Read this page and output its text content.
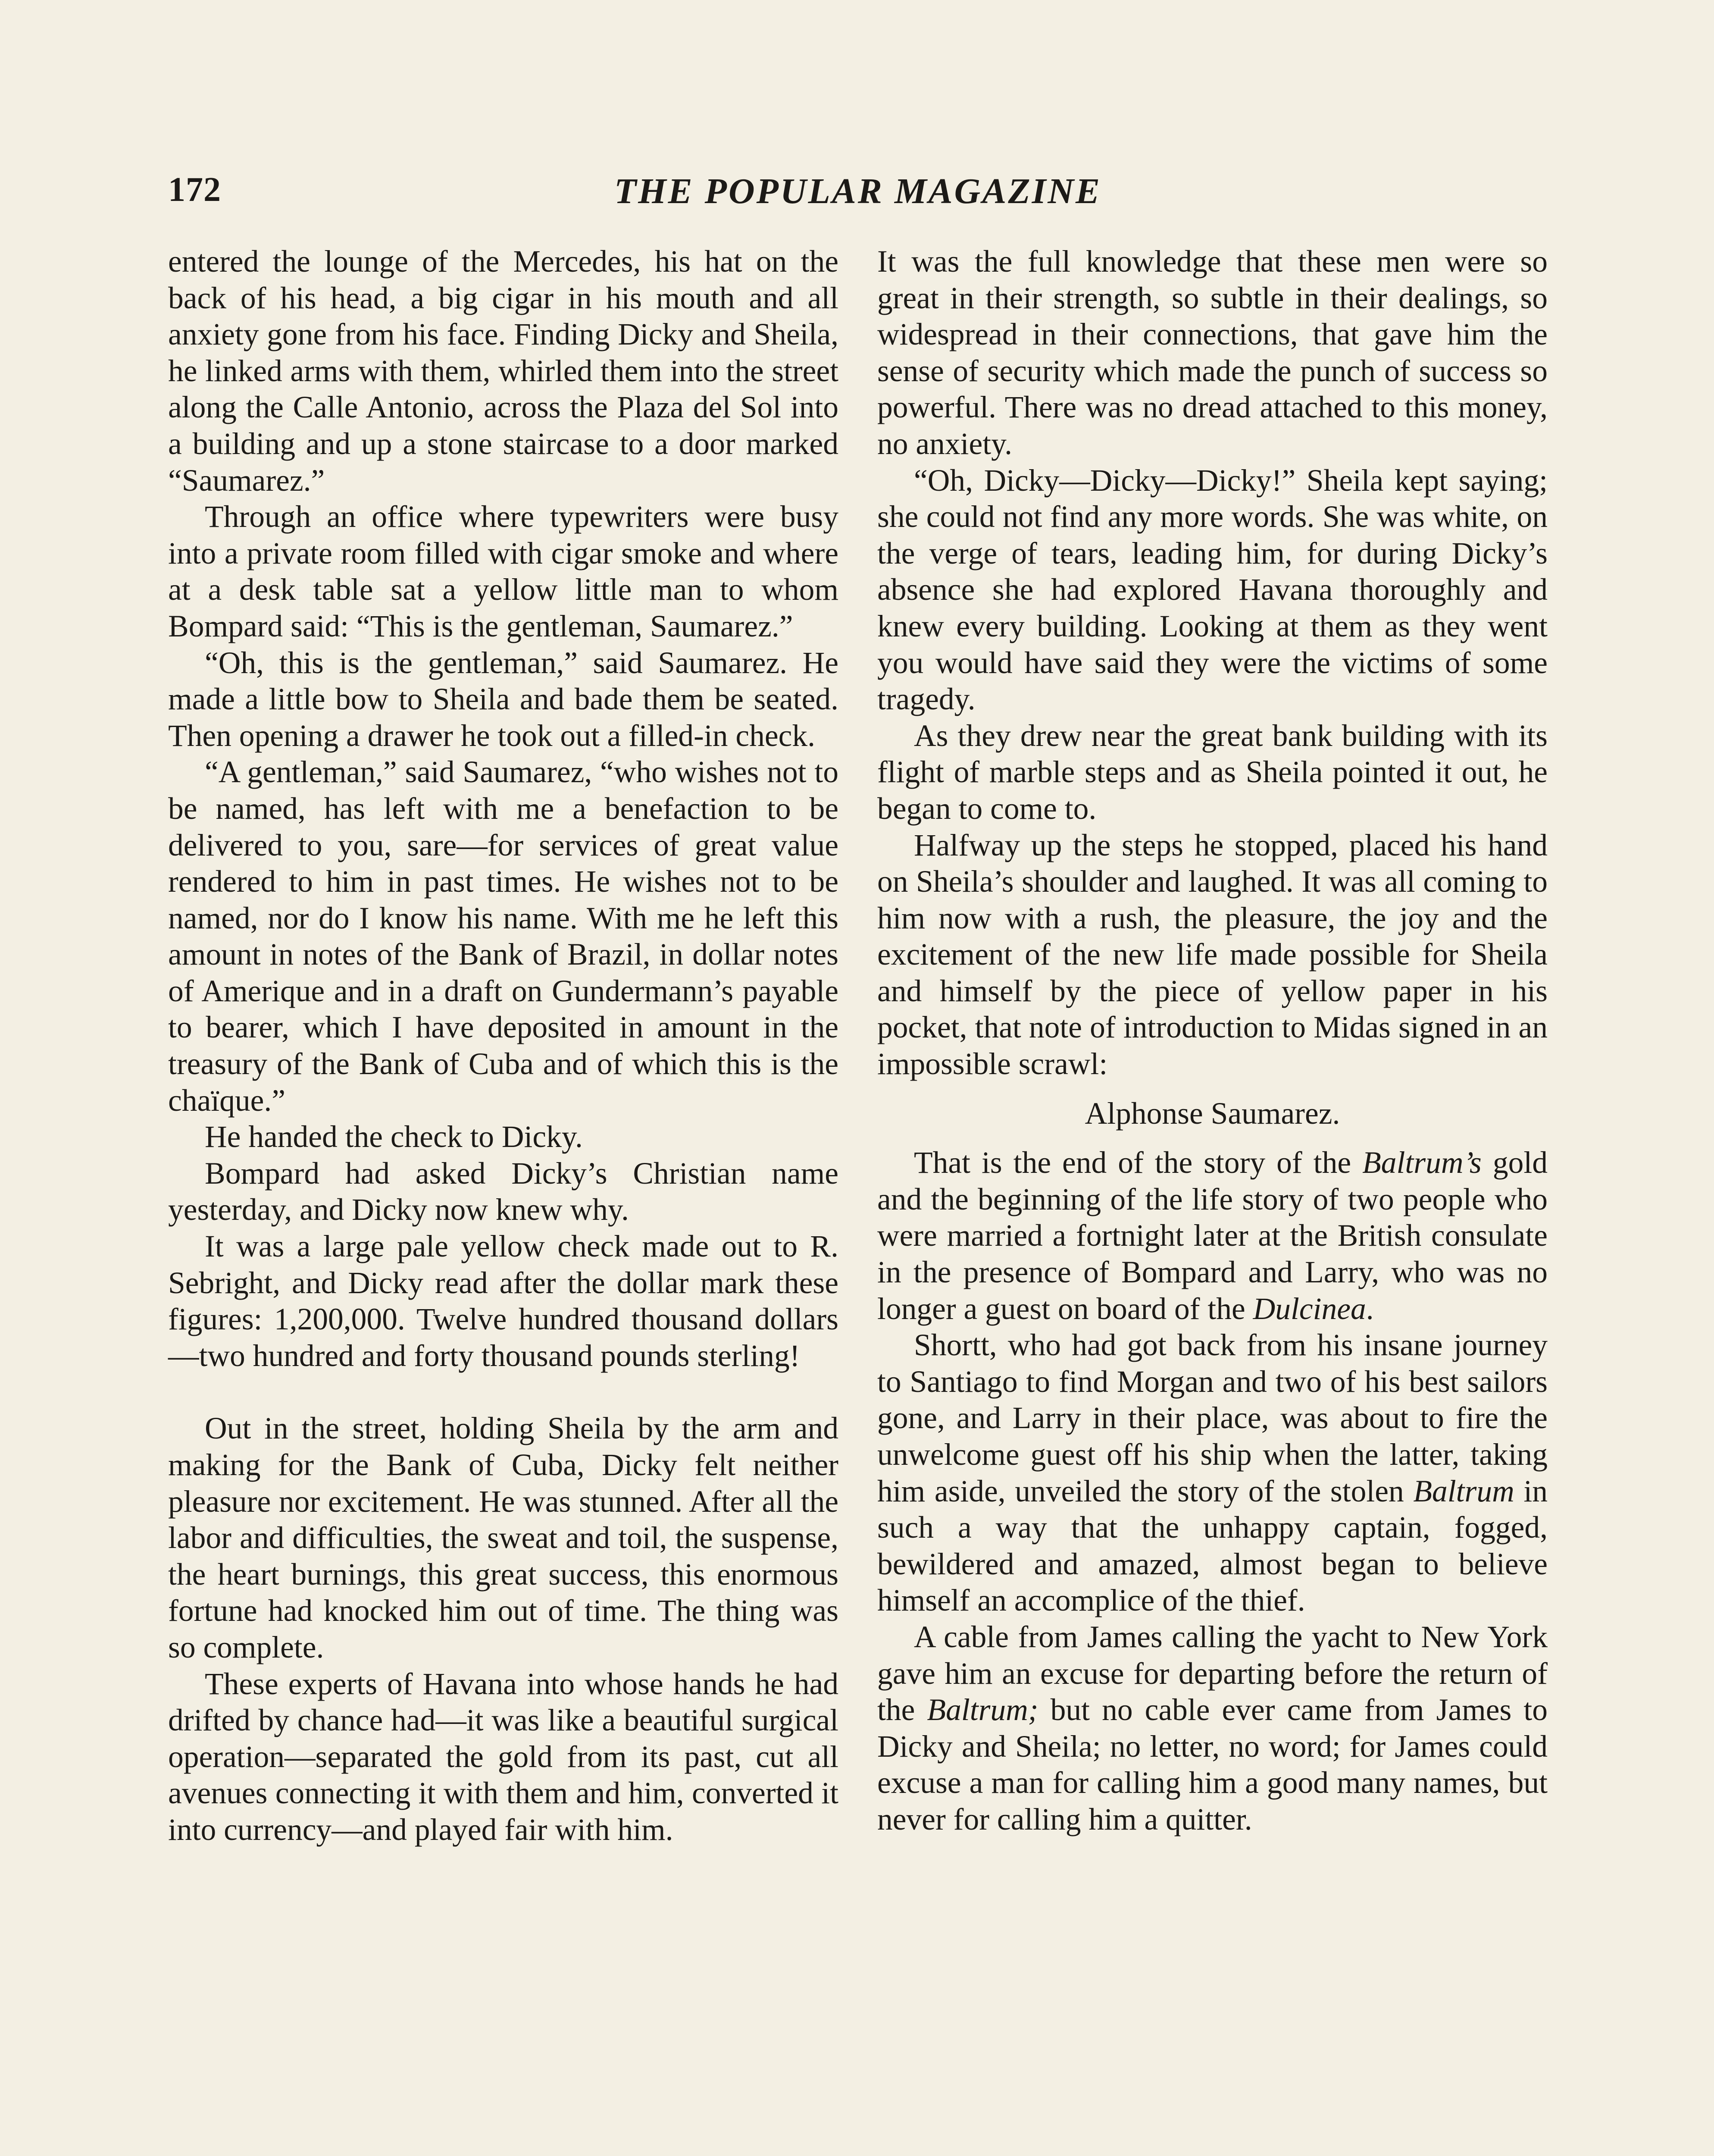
172	THE POPULAR MAGAZINE

entered the lounge of the Mercedes, his hat on the back of his head, a big cigar in his mouth and all anxiety gone from his face. Finding Dicky and Sheila, he linked arms with them, whirled them into the street along the Calle Antonio, across the Plaza del Sol into a building and up a stone staircase to a door marked “Saumarez.”

Through an office where typewriters were busy into a private room filled with cigar smoke and where at a desk table sat a yellow little man to whom Bompard said: “This is the gentleman, Saumarez.”

“Oh, this is the gentleman,” said Saumarez. He made a little bow to Sheila and bade them be seated. Then opening a drawer he took out a filled-in check.

“A gentleman,” said Saumarez, “who wishes not to be named, has left with me a benefaction to be delivered to you, sare—for services of great value rendered to him in past times. He wishes not to be named, nor do I know his name. With me he left this amount in notes of the Bank of Brazil, in dollar notes of Amerique and in a draft on Gundermann’s payable to bearer, which I have deposited in amount in the treasury of the Bank of Cuba and of which this is the chaïque.”

He handed the check to Dicky.

Bompard had asked Dicky’s Christian name yesterday, and Dicky now knew why.

It was a large pale yellow check made out to R. Sebright, and Dicky read after the dollar mark these figures: 1,200,000. Twelve hundred thousand dollars—two hundred and forty thousand pounds sterling!

Out in the street, holding Sheila by the arm and making for the Bank of Cuba, Dicky felt neither pleasure nor excitement. He was stunned. After all the labor and difficulties, the sweat and toil, the suspense, the heart burnings, this great success, this enormous fortune had knocked him out of time. The thing was so complete.

These experts of Havana into whose hands he had drifted by chance had—it was like a beautiful surgical operation—separated the gold from its past, cut all avenues connecting it with them and him, converted it into currency—and played fair with him.

It was the full knowledge that these men were so great in their strength, so subtle in their dealings, so widespread in their connections, that gave him the sense of security which made the punch of success so powerful. There was no dread attached to this money, no anxiety.

“Oh, Dicky—Dicky—Dicky!” Sheila kept saying; she could not find any more words. She was white, on the verge of tears, leading him, for during Dicky’s absence she had explored Havana thoroughly and knew every building. Looking at them as they went you would have said they were the victims of some tragedy.

As they drew near the great bank building with its flight of marble steps and as Sheila pointed it out, he began to come to.

Halfway up the steps he stopped, placed his hand on Sheila’s shoulder and laughed. It was all coming to him now with a rush, the pleasure, the joy and the excitement of the new life made possible for Sheila and himself by the piece of yellow paper in his pocket, that note of introduction to Midas signed in an impossible scrawl:

Alphonse Saumarez.

That is the end of the story of the Baltrum’s gold and the beginning of the life story of two people who were married a fortnight later at the British consulate in the presence of Bompard and Larry, who was no longer a guest on board of the Dulcinea.

Shortt, who had got back from his insane journey to Santiago to find Morgan and two of his best sailors gone, and Larry in their place, was about to fire the unwelcome guest off his ship when the latter, taking him aside, unveiled the story of the stolen Baltrum in such a way that the unhappy captain, fogged, bewildered and amazed, almost began to believe himself an accomplice of the thief.

A cable from James calling the yacht to New York gave him an excuse for departing before the return of the Baltrum; but no cable ever came from James to Dicky and Sheila; no letter, no word; for James could excuse a man for calling him a good many names, but never for calling him a quitter.
